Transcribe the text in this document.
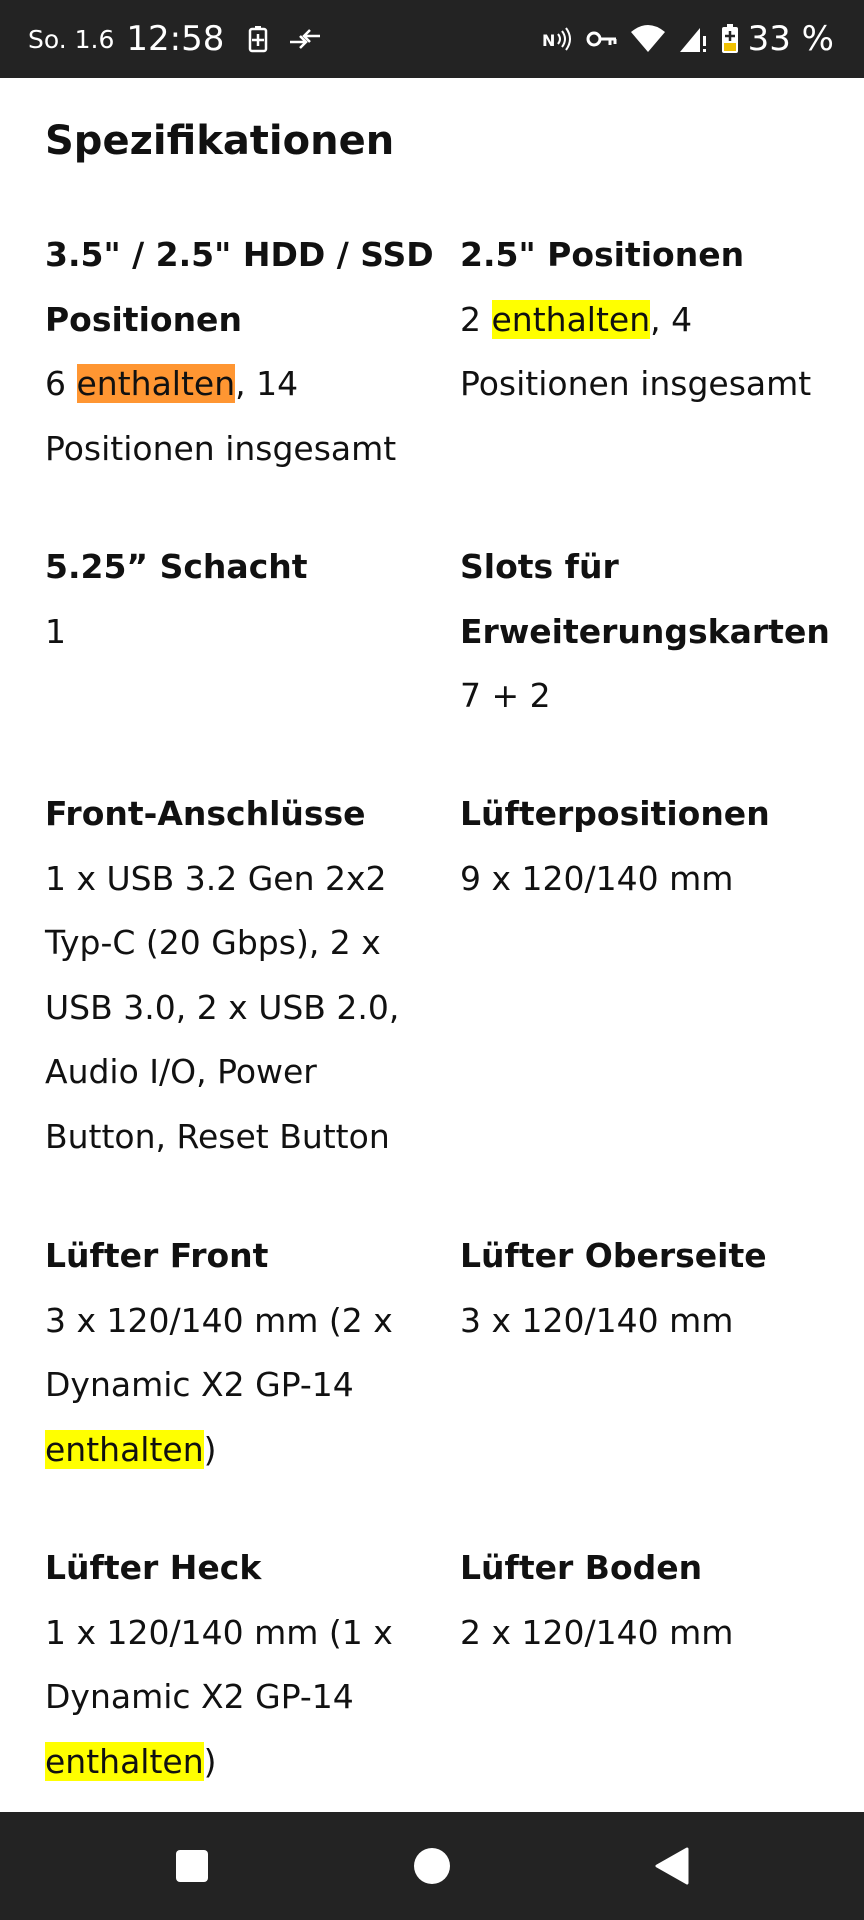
So. 1.6 12:58	N	33 %
Spezifikationen
3.5" / 2.5" HDD / SSD Positionen
6 enthalten, 14 Positionen insgesamt
2.5" Positionen
2 enthalten, 4 Positionen insgesamt
5.25” Schacht
1
Slots für Erweiterungskarten
7 + 2
Front-Anschlüsse
1 x USB 3.2 Gen 2x2 Typ-C (20 Gbps), 2 x USB 3.0, 2 x USB 2.0, Audio I/O, Power Button, Reset Button
Lüfterpositionen
9 x 120/140 mm
Lüfter Front
3 x 120/140 mm (2 x Dynamic X2 GP-14 enthalten)
Lüfter Oberseite
3 x 120/140 mm
Lüfter Heck
1 x 120/140 mm (1 x Dynamic X2 GP-14 enthalten)
Lüfter Boden
2 x 120/140 mm
